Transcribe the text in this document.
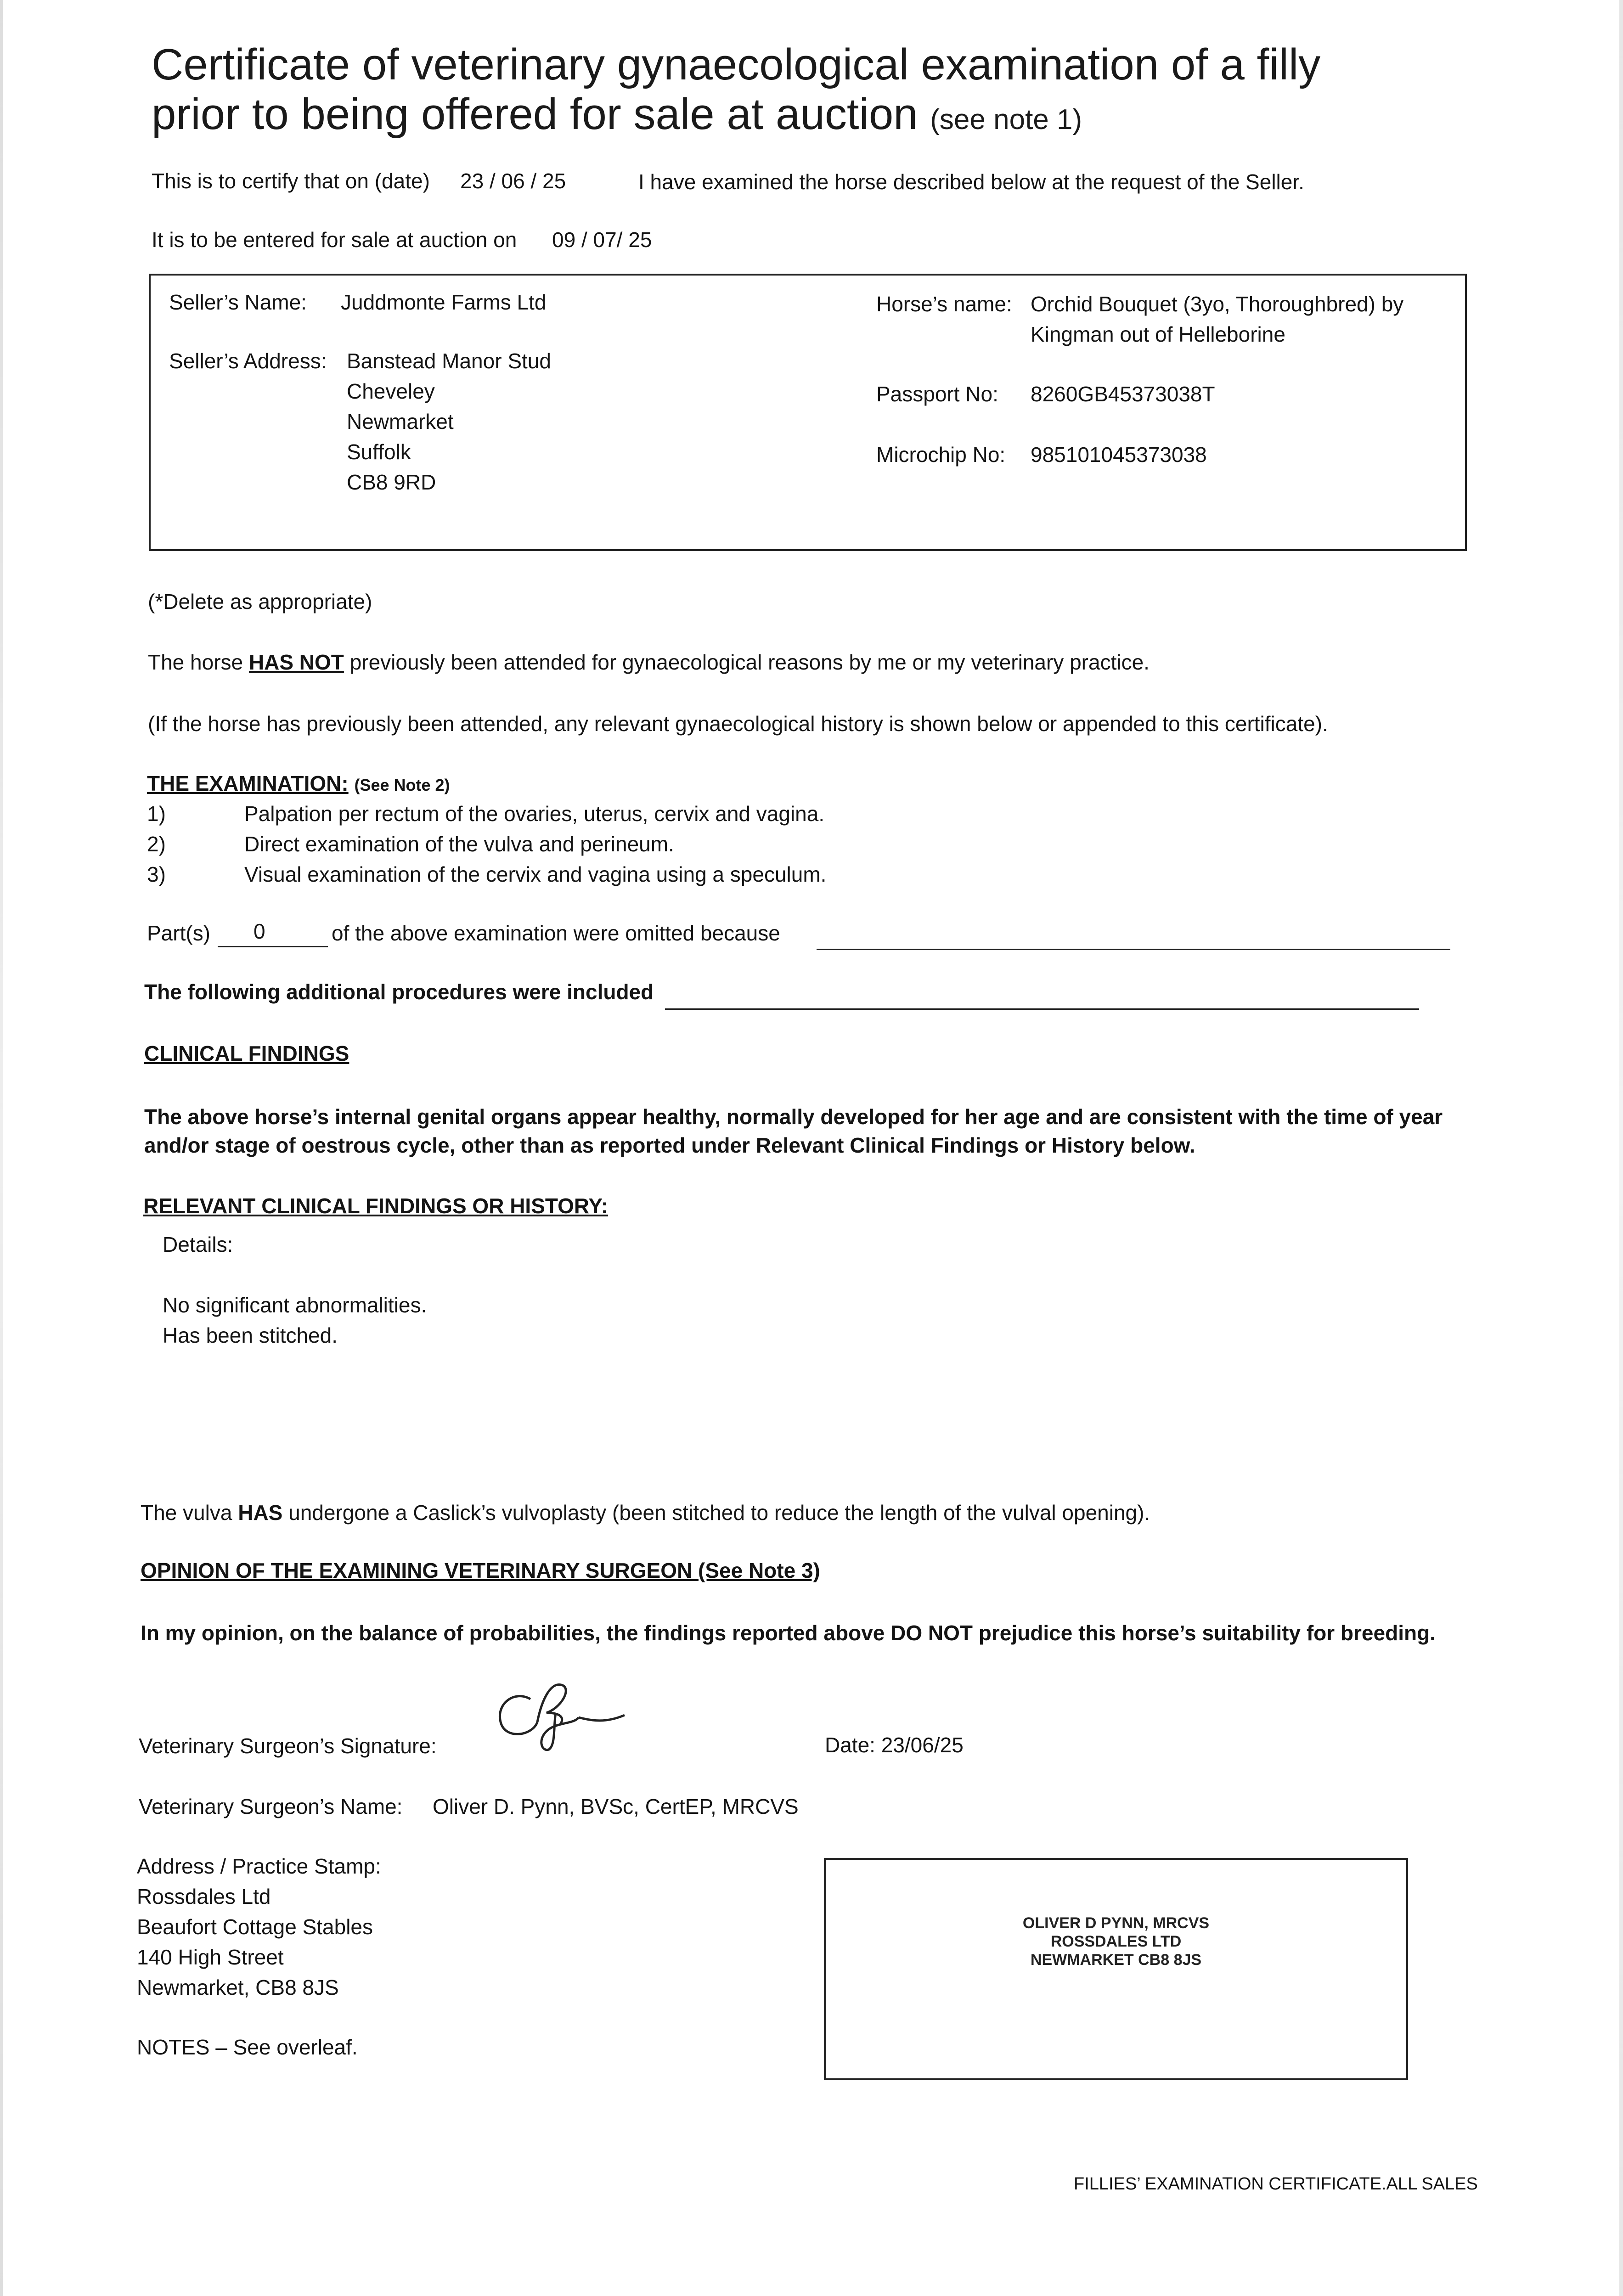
Certificate of veterinary gynaecological examination of a filly
prior to being offered for sale at auction (see note 1)
This is to certify that on (date) 23 / 06 / 25	I have examined the horse described below at the request of the Seller.
It is to be entered for sale at auction on 09 / 07/ 25
Seller’s Name: Juddmonte Farms Ltd
Seller’s Address: Banstead Manor Stud
Cheveley
Newmarket
Suffolk
CB8 9RD
Horse’s name: Orchid Bouquet (3yo, Thoroughbred) by
Kingman out of Helleborine
Passport No: 8260GB45373038T
Microchip No: 985101045373038
(*Delete as appropriate)
The horse HAS NOT previously been attended for gynaecological reasons by me or my veterinary practice.
(If the horse has previously been attended, any relevant gynaecological history is shown below or appended to this certificate).
THE EXAMINATION: (See Note 2)
1)	Palpation per rectum of the ovaries, uterus, cervix and vagina.
2)	Direct examination of the vulva and perineum.
3)	Visual examination of the cervix and vagina using a speculum.
Part(s) 0	of the above examination were omitted because
The following additional procedures were included
CLINICAL FINDINGS
The above horse’s internal genital organs appear healthy, normally developed for her age and are consistent with the time of year
and/or stage of oestrous cycle, other than as reported under Relevant Clinical Findings or History below.
RELEVANT CLINICAL FINDINGS OR HISTORY:
Details:
No significant abnormalities.
Has been stitched.
The vulva HAS undergone a Caslick’s vulvoplasty (been stitched to reduce the length of the vulval opening).
OPINION OF THE EXAMINING VETERINARY SURGEON (See Note 3)
In my opinion, on the balance of probabilities, the findings reported above DO NOT prejudice this horse’s suitability for breeding.
Veterinary Surgeon’s Signature:	Date: 23/06/25
Veterinary Surgeon’s Name: Oliver D. Pynn, BVSc, CertEP, MRCVS
Address / Practice Stamp:
Rossdales Ltd
Beaufort Cottage Stables
140 High Street
Newmarket, CB8 8JS
NOTES – See overleaf.
OLIVER D PYNN, MRCVS
ROSSDALES LTD
NEWMARKET CB8 8JS
FILLIES’ EXAMINATION CERTIFICATE.ALL SALES
